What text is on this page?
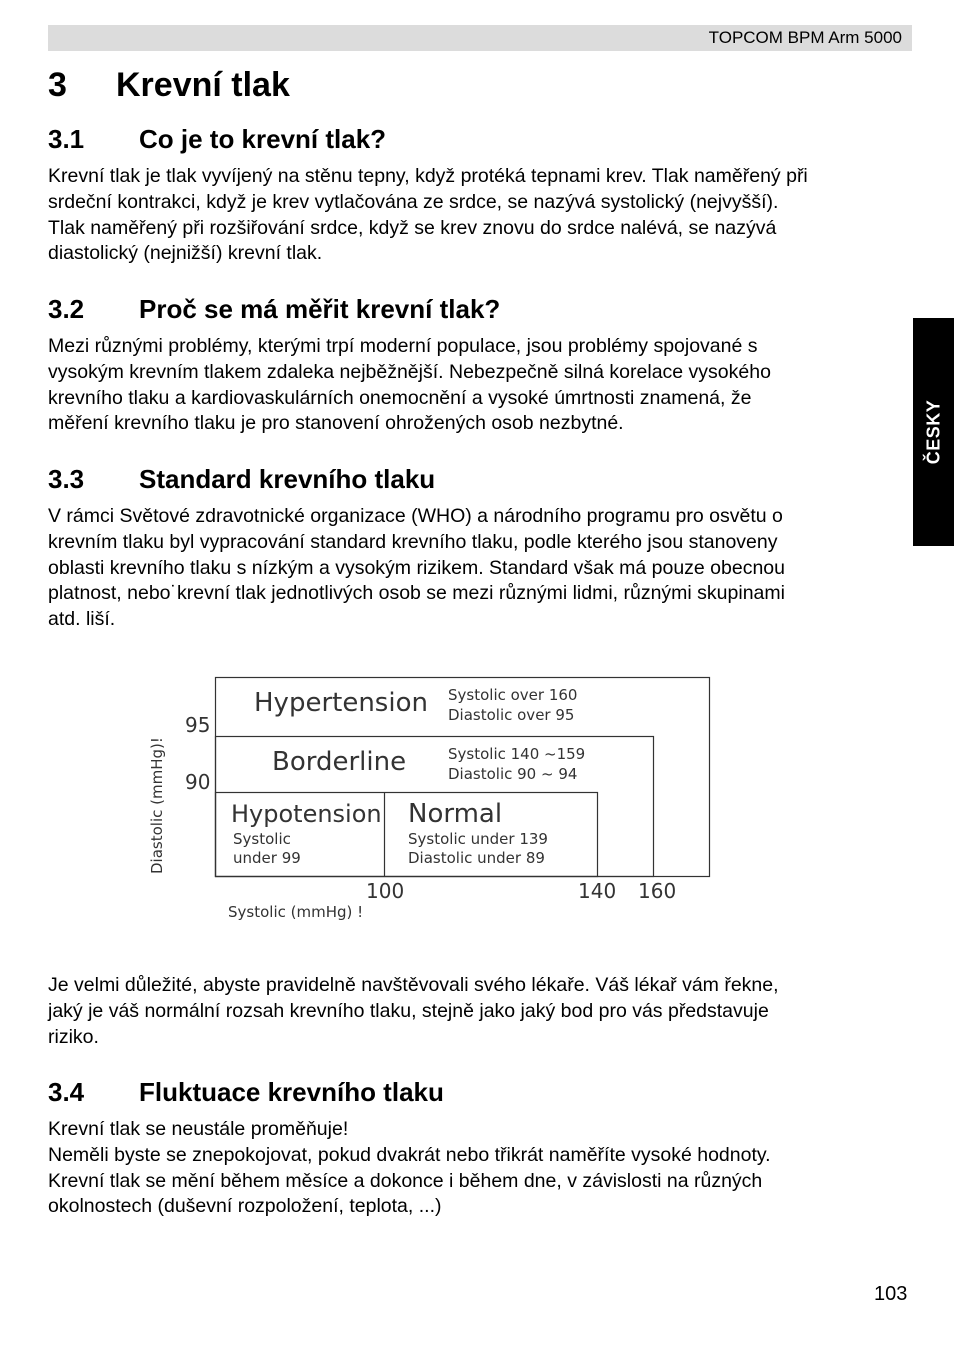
TOPCOM BPM Arm 5000
ČESKY
3 Krevní tlak
3.1 Co je to krevní tlak?
Krevní tlak je tlak vyvíjený na stěnu tepny, když protéká tepnami krev. Tlak naměřený při
srdeční kontrakci, když je krev vytlačována ze srdce, se nazývá systolický (nejvyšší).
Tlak naměřený při rozšiřování srdce, když se krev znovu do srdce nalévá, se nazývá
diastolický (nejnižší) krevní tlak.
3.2 Proč se má měřit krevní tlak?
Mezi různými problémy, kterými trpí moderní populace, jsou problémy spojované s
vysokým krevním tlakem zdaleka nejběžnější. Nebezpečně silná korelace vysokého
krevního tlaku a kardiovaskulárních onemocnění a vysoké úmrtnosti znamená, že
měření krevního tlaku je pro stanovení ohrožených osob nezbytné.
3.3 Standard krevního tlaku
V rámci Světové zdravotnické organizace (WHO) a národního programu pro osvětu o
krevním tlaku byl vypracování standard krevního tlaku, podle kterého jsou stanoveny
oblasti krevního tlaku s nízkým a vysokým rizikem. Standard však má pouze obecnou
platnost, nebo˙krevní tlak jednotlivých osob se mezi různými lidmi, různými skupinami
atd. liší.
Diastolic (mmHg)!
95
90
100	140 160
Systolic (mmHg) !
Hypertension Systolic over 160
Diastolic over 95
Borderline	Systolic 140 ~159
Diastolic 90 ~ 94
Hypotension
Systolic
under 99
Normal
Systolic under 139
Diastolic under 89
Je velmi důležité, abyste pravidelně navštěvovali svého lékaře. Váš lékař vám řekne,
jaký je váš normální rozsah krevního tlaku, stejně jako jaký bod pro vás představuje
riziko.
3.4 Fluktuace krevního tlaku
Krevní tlak se neustále proměňuje!
Neměli byste se znepokojovat, pokud dvakrát nebo třikrát naměříte vysoké hodnoty.
Krevní tlak se mění během měsíce a dokonce i během dne, v závislosti na různých
okolnostech (duševní rozpoložení, teplota, ...)
103
